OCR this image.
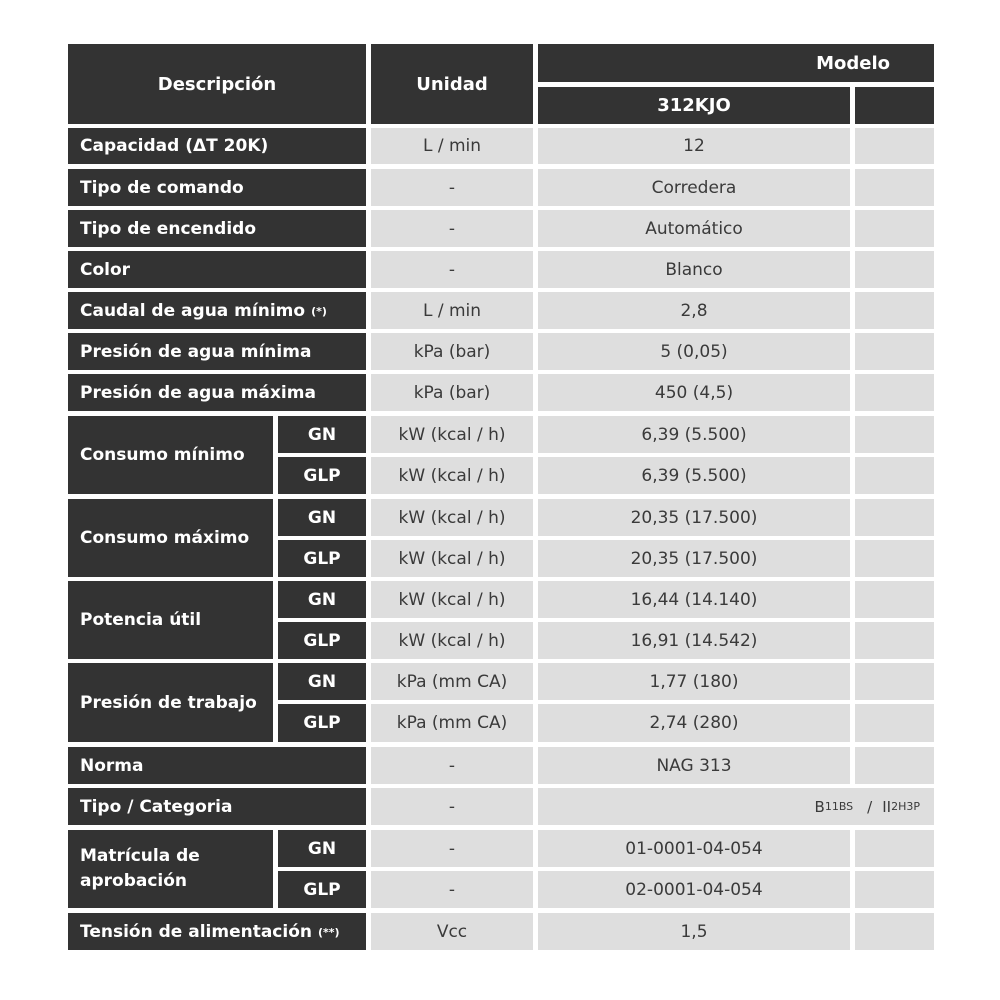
Descripción	Unidad
Modelo
312KJO
Capacidad (ΔT 20K)	L / min	12
Tipo de comando	-	Corredera
Tipo de encendido	-	Automático
Color	-	Blanco
Caudal de agua mínimo (*)	L / min	2,8
Presión de agua mínima	kPa (bar)	5 (0,05)
Presión de agua máxima	kPa (bar)	450 (4,5)
Consumo mínimo
GN	kW (kcal / h)	6,39 (5.500)
GLP	kW (kcal / h)	6,39 (5.500)
Consumo máximo
GN	kW (kcal / h)	20,35 (17.500)
GLP	kW (kcal / h)	20,35 (17.500)
Potencia útil
GN	kW (kcal / h)	16,44 (14.140)
GLP	kW (kcal / h)	16,91 (14.542)
Presión de trabajo
GN	kPa (mm CA)	1,77 (180)
GLP	kPa (mm CA)	2,74 (280)
Norma	-	NAG 313
Tipo / Categoria	-	B 11BS / II 2H3P
Matrícula de
aprobación
GN	-	01-0001-04-054
GLP	-	02-0001-04-054
Tensión de alimentación (**)	Vcc	1,5
